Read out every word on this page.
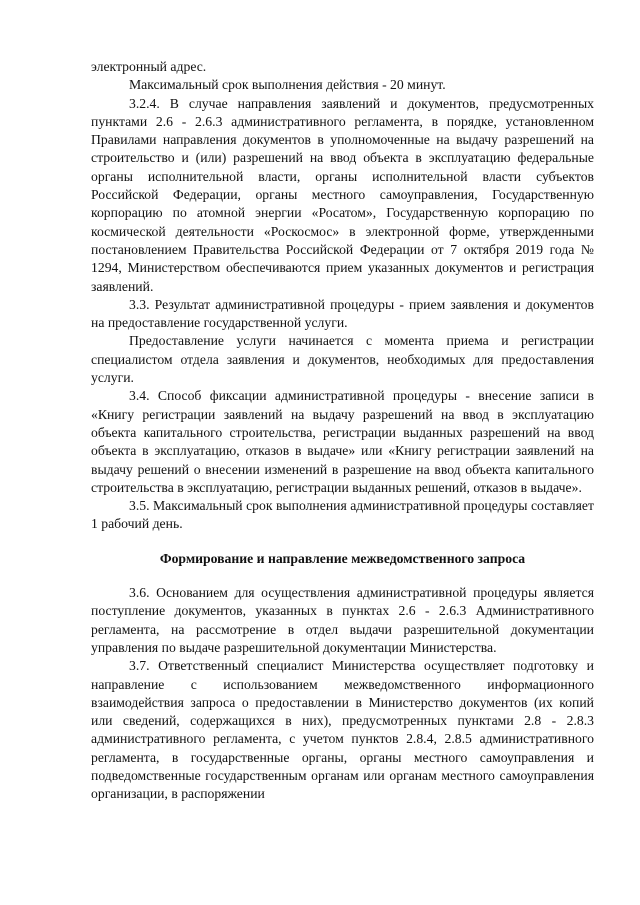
электронный адрес.

Максимальный срок выполнения действия - 20 минут.

3.2.4. В случае направления заявлений и документов, предусмотренных пунктами 2.6 - 2.6.3 административного регламента, в порядке, установленном Правилами направления документов в уполномоченные на выдачу разрешений на строительство и (или) разрешений на ввод объекта в эксплуатацию федеральные органы исполнительной власти, органы исполнительной власти субъектов Российской Федерации, органы местного самоуправления, Государственную корпорацию по атомной энергии «Росатом», Государственную корпорацию по космической деятельности «Роскосмос» в электронной форме, утвержденными постановлением Правительства Российской Федерации от 7 октября 2019 года № 1294, Министерством обеспечиваются прием указанных документов и регистрация заявлений.

3.3. Результат административной процедуры - прием заявления и документов на предоставление государственной услуги.

Предоставление услуги начинается с момента приема и регистрации специалистом отдела заявления и документов, необходимых для предоставления услуги.

3.4. Способ фиксации административной процедуры - внесение записи в «Книгу регистрации заявлений на выдачу разрешений на ввод в эксплуатацию объекта капитального строительства, регистрации выданных разрешений на ввод объекта в эксплуатацию, отказов в выдаче» или «Книгу регистрации заявлений на выдачу решений о внесении изменений в разрешение на ввод объекта капитального строительства в эксплуатацию, регистрации выданных решений, отказов в выдаче».

3.5. Максимальный срок выполнения административной процедуры составляет 1 рабочий день.

Формирование и направление межведомственного запроса

3.6. Основанием для осуществления административной процедуры является поступление документов, указанных в пунктах 2.6 - 2.6.3 Административного регламента, на рассмотрение в отдел выдачи разрешительной документации управления по выдаче разрешительной документации Министерства.

3.7. Ответственный специалист Министерства осуществляет подготовку и направление с использованием межведомственного информационного взаимодействия запроса о предоставлении в Министерство документов (их копий или сведений, содержащихся в них), предусмотренных пунктами 2.8 - 2.8.3 административного регламента, с учетом пунктов 2.8.4, 2.8.5 административного регламента, в государственные органы, органы местного самоуправления и подведомственные государственным органам или органам местного самоуправления организации, в распоряжении
